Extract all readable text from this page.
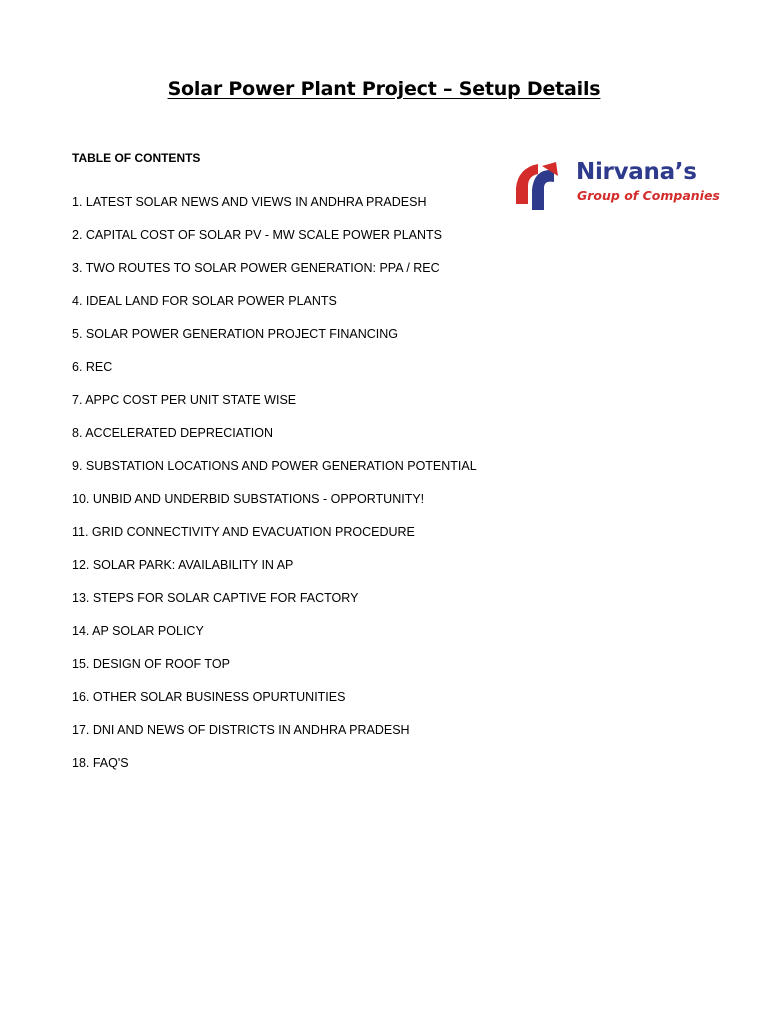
Solar Power Plant Project – Setup Details
Nirvana’s
Group of Companies
TABLE OF CONTENTS
1. LATEST SOLAR NEWS AND VIEWS IN ANDHRA PRADESH
2. CAPITAL COST OF SOLAR PV - MW SCALE POWER PLANTS
3. TWO ROUTES TO SOLAR POWER GENERATION: PPA / REC
4. IDEAL LAND FOR SOLAR POWER PLANTS
5. SOLAR POWER GENERATION PROJECT FINANCING
6. REC
7. APPC COST PER UNIT STATE WISE
8. ACCELERATED DEPRECIATION
9. SUBSTATION LOCATIONS AND POWER GENERATION POTENTIAL
10. UNBID AND UNDERBID SUBSTATIONS - OPPORTUNITY!
11. GRID CONNECTIVITY AND EVACUATION PROCEDURE
12. SOLAR PARK: AVAILABILITY IN AP
13. STEPS FOR SOLAR CAPTIVE FOR FACTORY
14. AP SOLAR POLICY
15. DESIGN OF ROOF TOP
16. OTHER SOLAR BUSINESS OPURTUNITIES
17. DNI AND NEWS OF DISTRICTS IN ANDHRA PRADESH
18. FAQ'S
